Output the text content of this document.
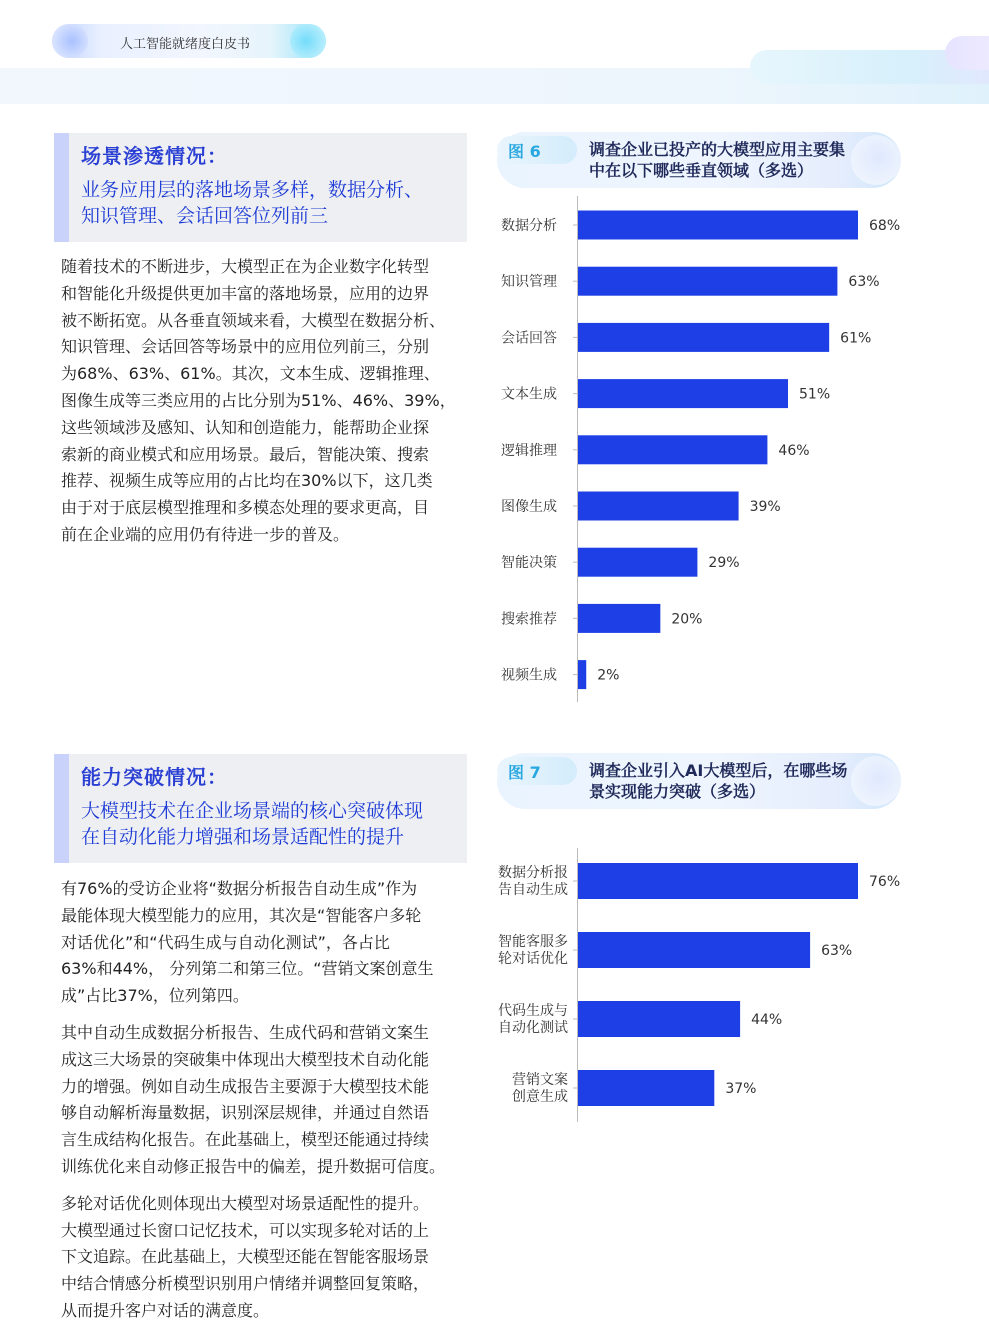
人工智能就绪度白皮书
场景渗透情况：
业务应用层的落地场景多样，数据分析、
知识管理、会话回答位列前三

随着技术的不断进步，大模型正在为企业数字化转型

和智能化升级提供更加丰富的落地场景，应用的边界

被不断拓宽。从各垂直领域来看，大模型在数据分析、

知识管理、会话回答等场景中的应用位列前三，分别

为68%、63%、61%。其次，文本生成、逻辑推理、

图像生成等三类应用的占比分别为51%、46%、39%，

这些领域涉及感知、认知和创造能力，能帮助企业探

索新的商业模式和应用场景。最后，智能决策、搜索

推荐、视频生成等应用的占比均在30%以下，这几类

由于对于底层模型推理和多模态处理的要求更高，目

前在企业端的应用仍有待进一步的普及。

图 6	调查企业已投产的大模型应用主要集
中在以下哪些垂直领域（多选）
68%
数据分析
63%
知识管理
61%
会话回答
51%
文本生成
46%
逻辑推理
39%
图像生成
29%
智能决策
20%
搜索推荐
2%
视频生成
能力突破情况：
大模型技术在企业场景端的核心突破体现
在自动化能力增强和场景适配性的提升

有76%的受访企业将“数据分析报告自动生成”作为

最能体现大模型能力的应用，其次是“智能客户多轮

对话优化”和“代码生成与自动化测试”，各占比

63%和44%， 分列第二和第三位。“营销文案创意生

成”占比37%，位列第四。

其中自动生成数据分析报告、生成代码和营销文案生

成这三大场景的突破集中体现出大模型技术自动化能

力的增强。例如自动生成报告主要源于大模型技术能

够自动解析海量数据，识别深层规律，并通过自然语

言生成结构化报告。在此基础上，模型还能通过持续

训练优化来自动修正报告中的偏差，提升数据可信度。

多轮对话优化则体现出大模型对场景适配性的提升。

大模型通过长窗口记忆技术，可以实现多轮对话的上

下文追踪。在此基础上，大模型还能在智能客服场景

中结合情感分析模型识别用户情绪并调整回复策略，

从而提升客户对话的满意度。

图 7	调查企业引入AI大模型后，在哪些场
景实现能力突破（多选）
76%
数据分析报告自动生成
63%
智能客服多轮对话优化
44%
代码生成与自动化测试
37%
营销文案创意生成
